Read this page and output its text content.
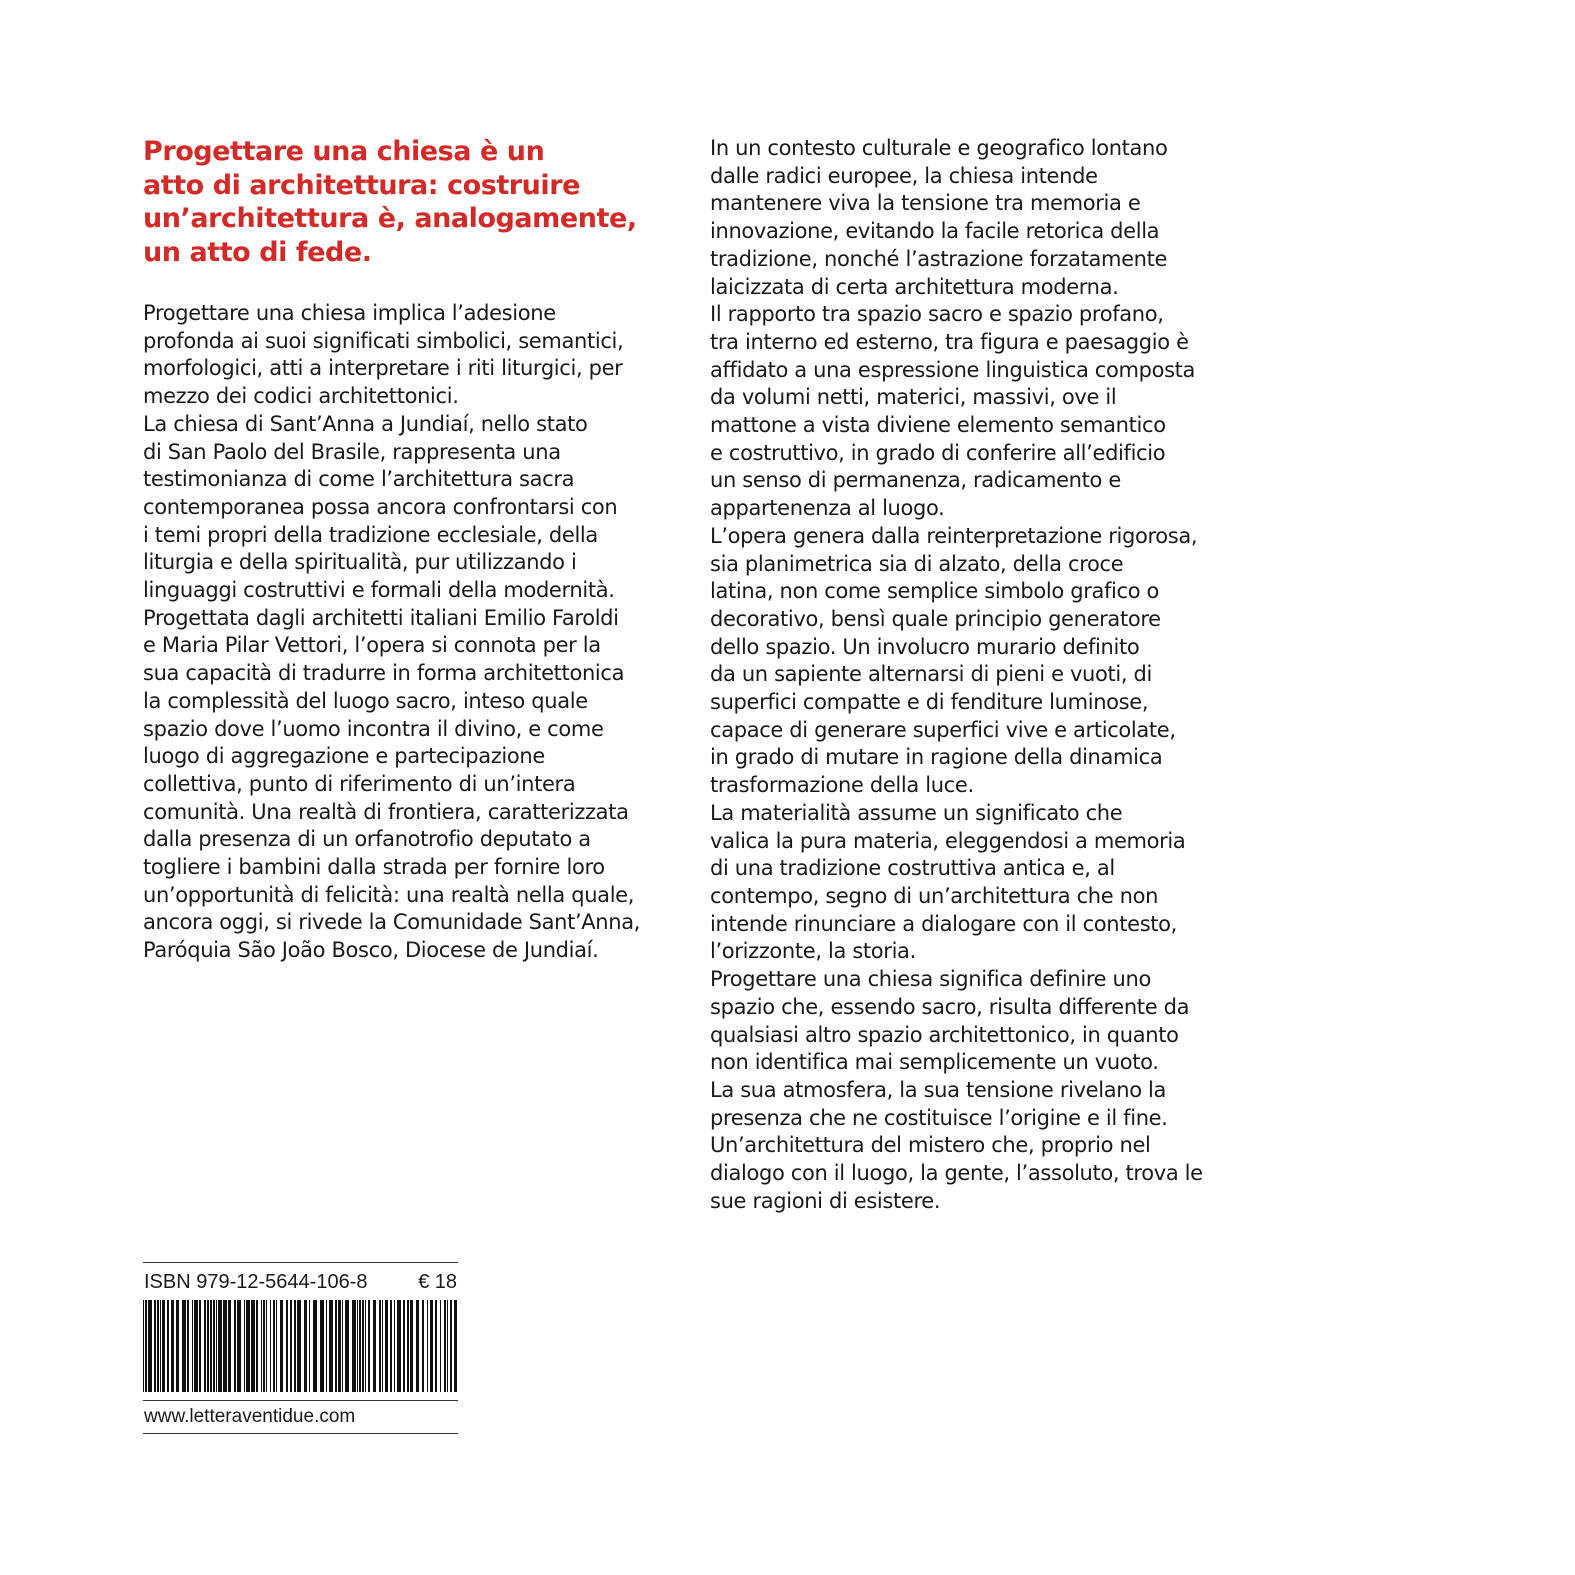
Progettare una chiesa è un
atto di architettura: costruire
un’architettura è, analogamente,
un atto di fede.

Progettare una chiesa implica l’adesione
profonda ai suoi significati simbolici, semantici,
morfologici, atti a interpretare i riti liturgici, per
mezzo dei codici architettonici.
La chiesa di Sant’Anna a Jundiaí, nello stato
di San Paolo del Brasile, rappresenta una
testimonianza di come l’architettura sacra
contemporanea possa ancora confrontarsi con
i temi propri della tradizione ecclesiale, della
liturgia e della spiritualità, pur utilizzando i
linguaggi costruttivi e formali della modernità.
Progettata dagli architetti italiani Emilio Faroldi
e Maria Pilar Vettori, l’opera si connota per la
sua capacità di tradurre in forma architettonica
la complessità del luogo sacro, inteso quale
spazio dove l’uomo incontra il divino, e come
luogo di aggregazione e partecipazione
collettiva, punto di riferimento di un’intera
comunità. Una realtà di frontiera, caratterizzata
dalla presenza di un orfanotrofio deputato a
togliere i bambini dalla strada per fornire loro
un’opportunità di felicità: una realtà nella quale,
ancora oggi, si rivede la Comunidade Sant’Anna,
Paróquia São João Bosco, Diocese de Jundiaí.

In un contesto culturale e geografico lontano
dalle radici europee, la chiesa intende
mantenere viva la tensione tra memoria e
innovazione, evitando la facile retorica della
tradizione, nonché l’astrazione forzatamente
laicizzata di certa architettura moderna.
Il rapporto tra spazio sacro e spazio profano,
tra interno ed esterno, tra figura e paesaggio è
affidato a una espressione linguistica composta
da volumi netti, materici, massivi, ove il
mattone a vista diviene elemento semantico
e costruttivo, in grado di conferire all’edificio
un senso di permanenza, radicamento e
appartenenza al luogo.
L’opera genera dalla reinterpretazione rigorosa,
sia planimetrica sia di alzato, della croce
latina, non come semplice simbolo grafico o
decorativo, bensì quale principio generatore
dello spazio. Un involucro murario definito
da un sapiente alternarsi di pieni e vuoti, di
superfici compatte e di fenditure luminose,
capace di generare superfici vive e articolate,
in grado di mutare in ragione della dinamica
trasformazione della luce.
La materialità assume un significato che
valica la pura materia, eleggendosi a memoria
di una tradizione costruttiva antica e, al
contempo, segno di un’architettura che non
intende rinunciare a dialogare con il contesto,
l’orizzonte, la storia.
Progettare una chiesa significa definire uno
spazio che, essendo sacro, risulta differente da
qualsiasi altro spazio architettonico, in quanto
non identifica mai semplicemente un vuoto.
La sua atmosfera, la sua tensione rivelano la
presenza che ne costituisce l’origine e il fine.
Un’architettura del mistero che, proprio nel
dialogo con il luogo, la gente, l’assoluto, trova le
sue ragioni di esistere.

ISBN 979-12-5644-106-8	€ 18
www.letteraventidue.com
